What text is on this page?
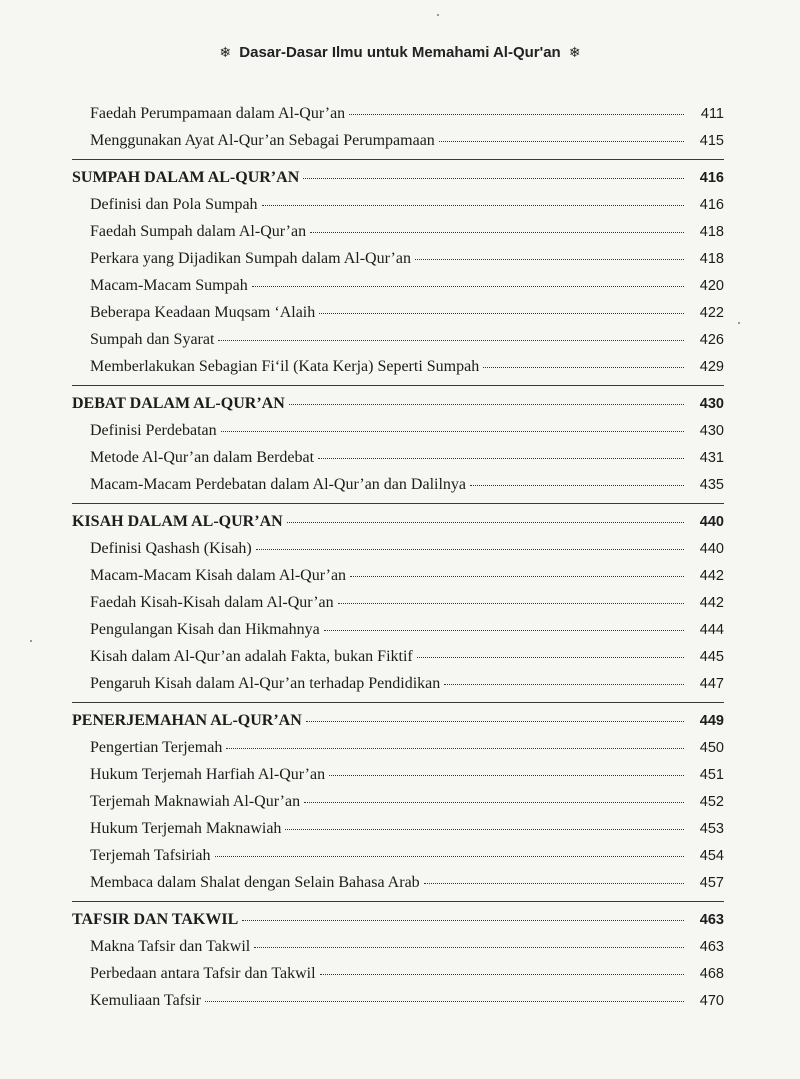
❄ Dasar-Dasar Ilmu untuk Memahami Al-Qur'an ❄
Faedah Perumpamaan dalam Al-Qur’an	411
Menggunakan Ayat Al-Qur’an Sebagai Perumpamaan	415
SUMPAH DALAM AL-QUR’AN	416
Definisi dan Pola Sumpah	416
Faedah Sumpah dalam Al-Qur’an	418
Perkara yang Dijadikan Sumpah dalam Al-Qur’an	418
Macam-Macam Sumpah	420
Beberapa Keadaan Muqsam ‘Alaih	422
Sumpah dan Syarat	426
Memberlakukan Sebagian Fi‘il (Kata Kerja) Seperti Sumpah	429
DEBAT DALAM AL-QUR’AN	430
Definisi Perdebatan	430
Metode Al-Qur’an dalam Berdebat	431
Macam-Macam Perdebatan dalam Al-Qur’an dan Dalilnya	435
KISAH DALAM AL-QUR’AN	440
Definisi Qashash (Kisah)	440
Macam-Macam Kisah dalam Al-Qur’an	442
Faedah Kisah-Kisah dalam Al-Qur’an	442
Pengulangan Kisah dan Hikmahnya	444
Kisah dalam Al-Qur’an adalah Fakta, bukan Fiktif	445
Pengaruh Kisah dalam Al-Qur’an terhadap Pendidikan	447
PENERJEMAHAN AL-QUR’AN	449
Pengertian Terjemah	450
Hukum Terjemah Harfiah Al-Qur’an	451
Terjemah Maknawiah Al-Qur’an	452
Hukum Terjemah Maknawiah	453
Terjemah Tafsiriah	454
Membaca dalam Shalat dengan Selain Bahasa Arab	457
TAFSIR DAN TAKWIL	463
Makna Tafsir dan Takwil	463
Perbedaan antara Tafsir dan Takwil	468
Kemuliaan Tafsir	470
